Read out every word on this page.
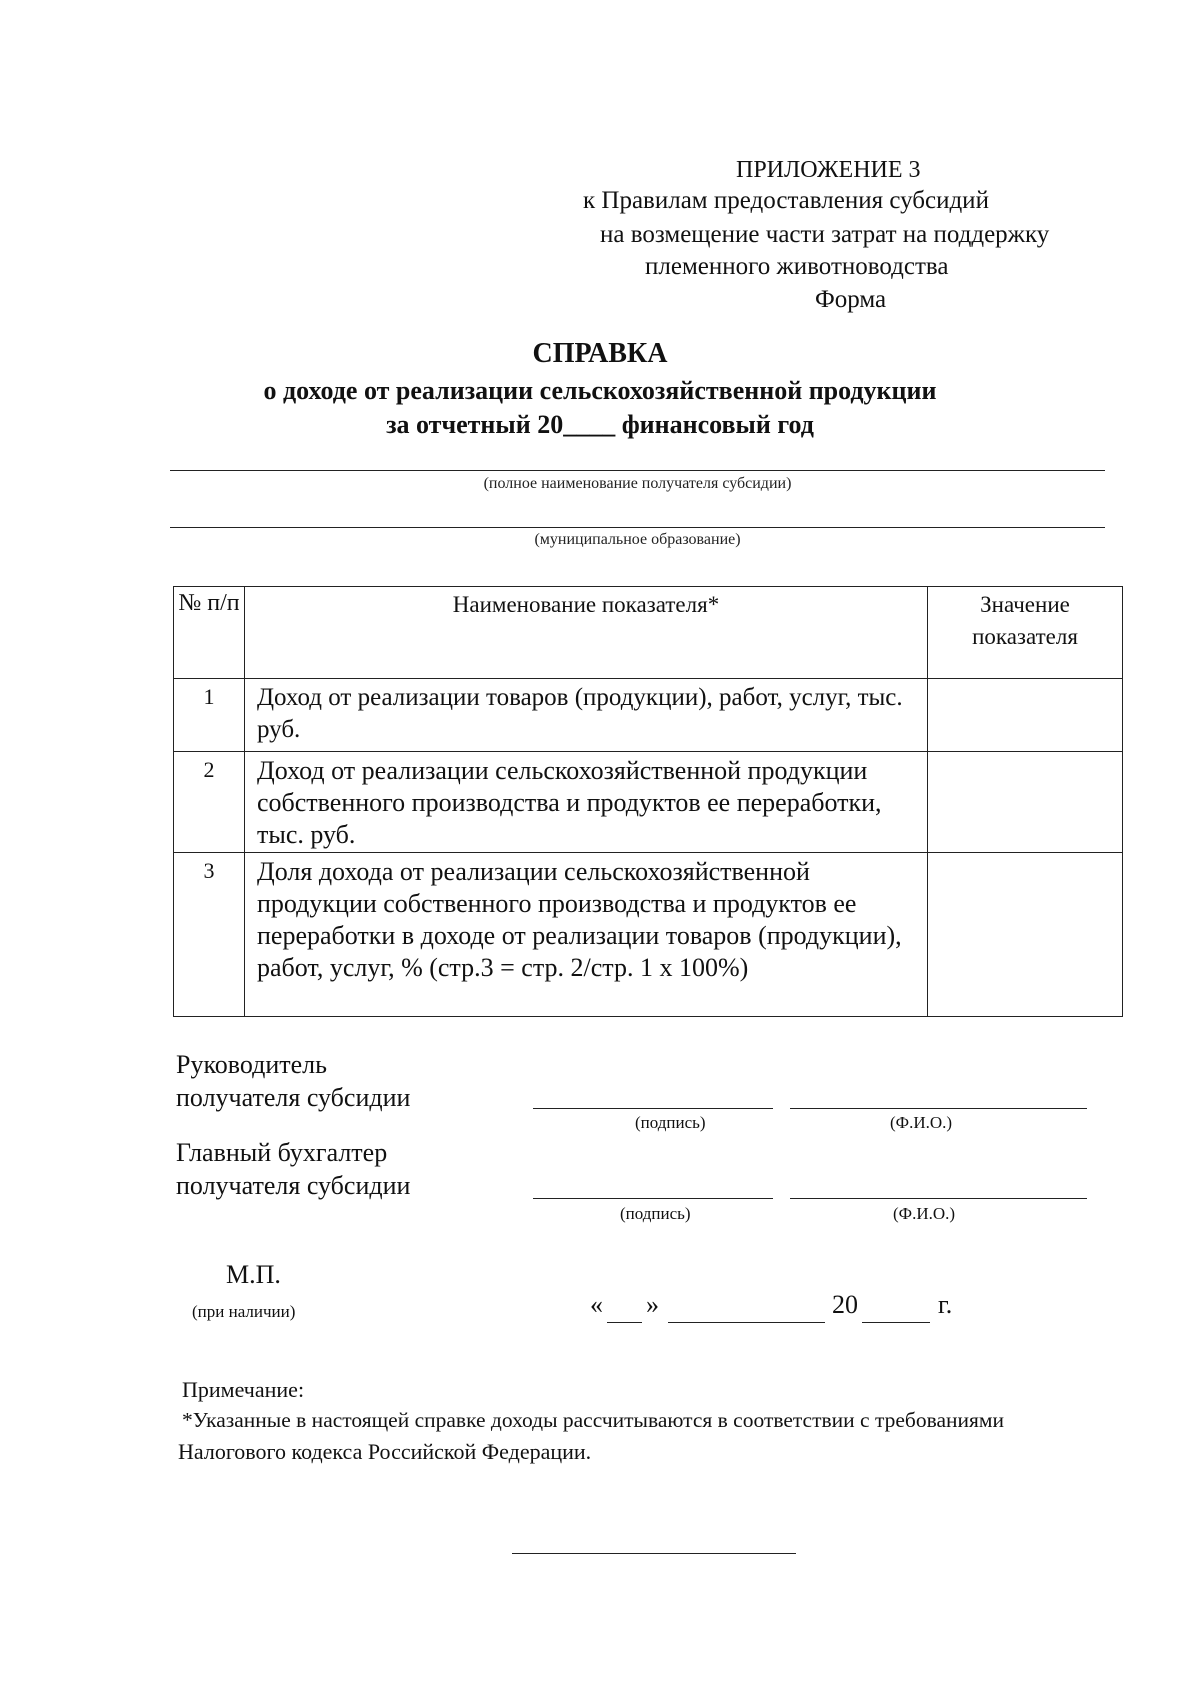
ПРИЛОЖЕНИЕ 3
к Правилам предоставления субсидий
на возмещение части затрат на поддержку
племенного животноводства
Форма
СПРАВКА
о доходе от реализации сельскохозяйственной продукции
за отчетный 20____ финансовый год
(полное наименование получателя субсидии)
(муниципальное образование)
№ п/п	Наименование показателя*	Значение показателя
1	Доход от реализации товаров (продукции), работ, услуг, тыс. руб.	
2	Доход от реализации сельскохозяйственной продукции собственного производства и продуктов ее переработки, тыс. руб.	
3	Доля дохода от реализации сельскохозяйственной продукции собственного производства и продуктов ее переработки в доходе от реализации товаров (продукции), работ, услуг, % (стр.3 = стр. 2/стр. 1 х 100%)	
Руководитель
получателя субсидии
(подпись)	(Ф.И.О.)
Главный бухгалтер
получателя субсидии
(подпись)	(Ф.И.О.)
М.П.
(при наличии)	« »	20	г.
Примечание:
*Указанные в настоящей справке доходы рассчитываются в соответствии с требованиями
Налогового кодекса Российской Федерации.
